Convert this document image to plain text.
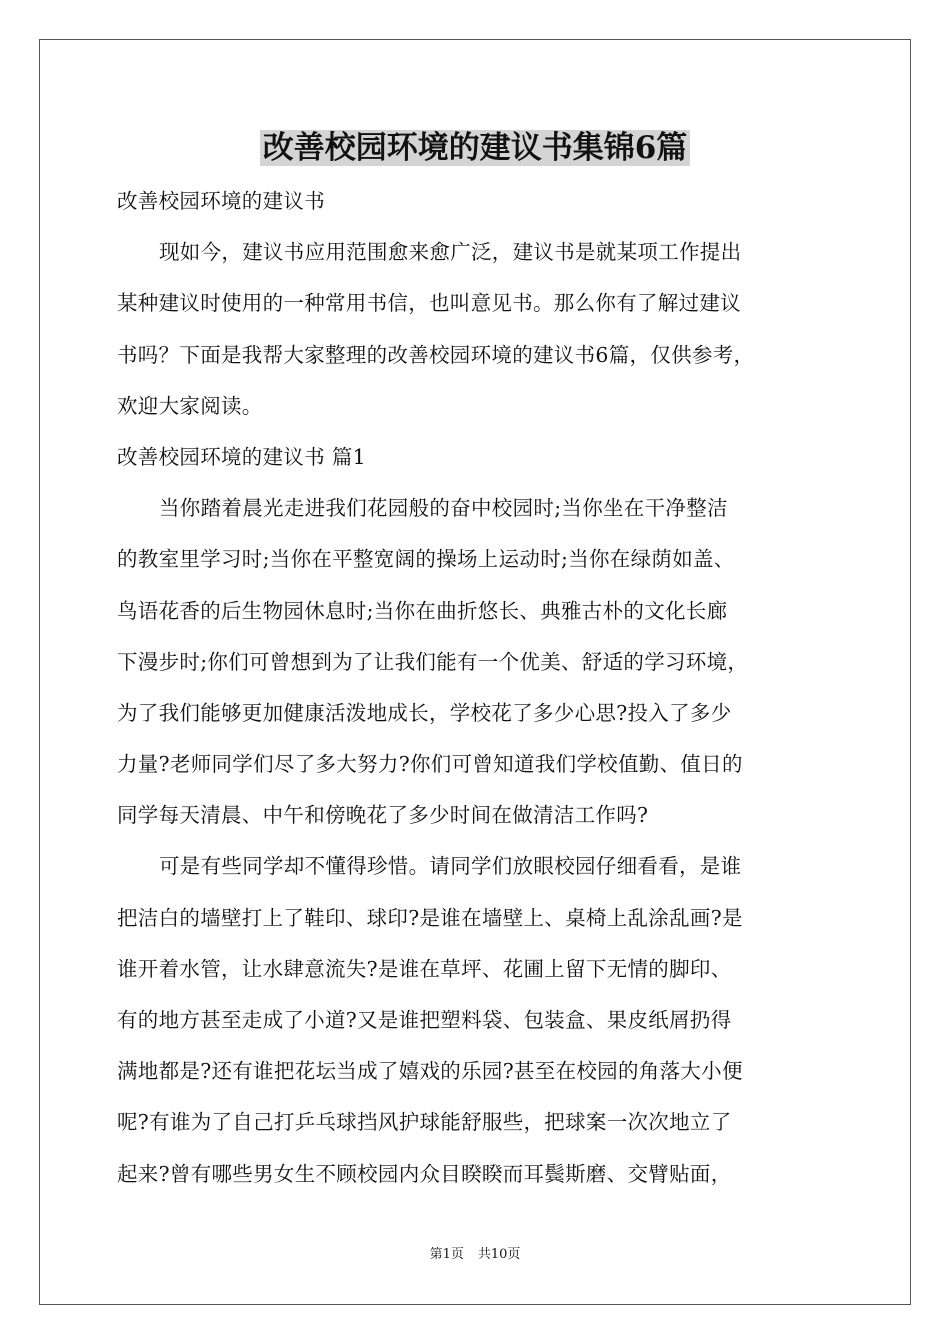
改善校园环境的建议书集锦6篇
改善校园环境的建议书
现如今，建议书应用范围愈来愈广泛，建议书是就某项工作提出
某种建议时使用的一种常用书信，也叫意见书。那么你有了解过建议
书吗？下面是我帮大家整理的改善校园环境的建议书6篇，仅供参考，
欢迎大家阅读。
改善校园环境的建议书 篇1
当你踏着晨光走进我们花园般的奋中校园时;当你坐在干净整洁
的教室里学习时;当你在平整宽阔的操场上运动时;当你在绿荫如盖、
鸟语花香的后生物园休息时;当你在曲折悠长、典雅古朴的文化长廊
下漫步时;你们可曾想到为了让我们能有一个优美、舒适的学习环境，
为了我们能够更加健康活泼地成长，学校花了多少心思?投入了多少
力量?老师同学们尽了多大努力?你们可曾知道我们学校值勤、值日的
同学每天清晨、中午和傍晚花了多少时间在做清洁工作吗?
可是有些同学却不懂得珍惜。请同学们放眼校园仔细看看，是谁
把洁白的墙壁打上了鞋印、球印?是谁在墙壁上、桌椅上乱涂乱画?是
谁开着水管，让水肆意流失?是谁在草坪、花圃上留下无情的脚印、
有的地方甚至走成了小道?又是谁把塑料袋、包装盒、果皮纸屑扔得
满地都是?还有谁把花坛当成了嬉戏的乐园?甚至在校园的角落大小便
呢?有谁为了自己打乒乓球挡风护球能舒服些，把球案一次次地立了
起来?曾有哪些男女生不顾校园内众目睽睽而耳鬓斯磨、交臂贴面，
第1页 共10页
